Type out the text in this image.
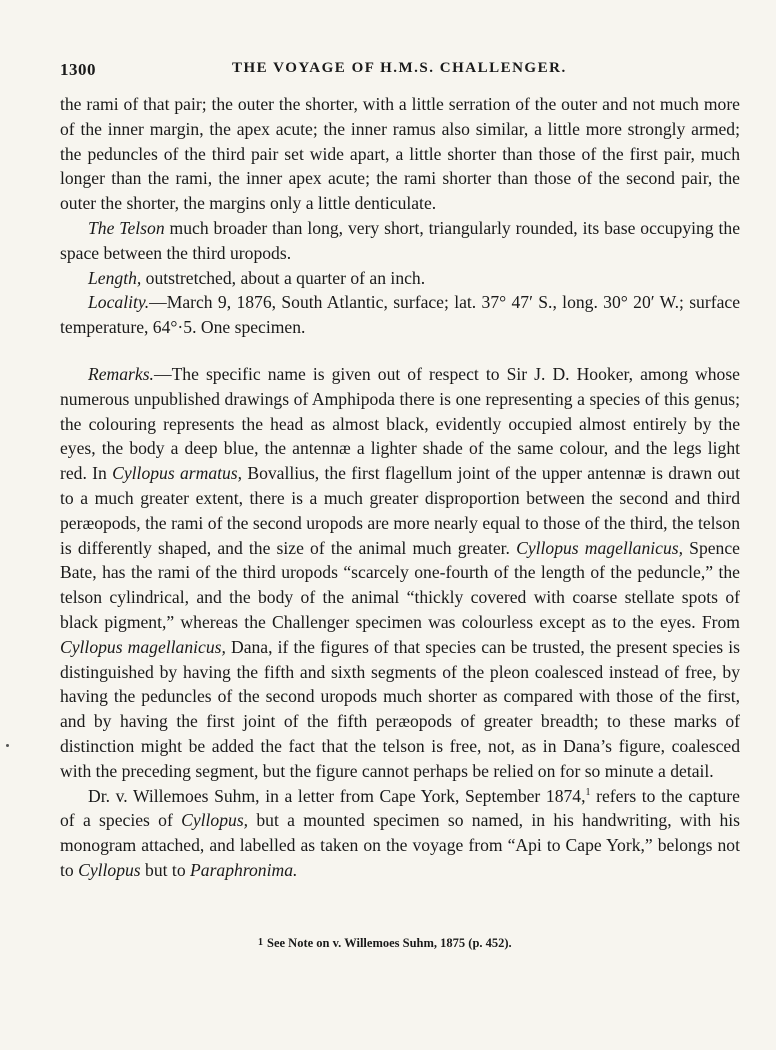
1300	THE VOYAGE OF H.M.S. CHALLENGER.

the rami of that pair; the outer the shorter, with a little serration of the outer and not much more of the inner margin, the apex acute; the inner ramus also similar, a little more strongly armed; the peduncles of the third pair set wide apart, a little shorter than those of the first pair, much longer than the rami, the inner apex acute; the rami shorter than those of the second pair, the outer the shorter, the margins only a little denticulate.

The Telson much broader than long, very short, triangularly rounded, its base occupying the space between the third uropods.

Length, outstretched, about a quarter of an inch.

Locality.—March 9, 1876, South Atlantic, surface; lat. 37° 47′ S., long. 30° 20′ W.; surface temperature, 64°·5. One specimen.

Remarks.—The specific name is given out of respect to Sir J. D. Hooker, among whose numerous unpublished drawings of Amphipoda there is one representing a species of this genus; the colouring represents the head as almost black, evidently occupied almost entirely by the eyes, the body a deep blue, the antennæ a lighter shade of the same colour, and the legs light red. In Cyllopus armatus, Bovallius, the first flagellum joint of the upper antennæ is drawn out to a much greater extent, there is a much greater disproportion between the second and third peræopods, the rami of the second uropods are more nearly equal to those of the third, the telson is differently shaped, and the size of the animal much greater. Cyllopus magellanicus, Spence Bate, has the rami of the third uropods “scarcely one-fourth of the length of the peduncle,” the telson cylindrical, and the body of the animal “thickly covered with coarse stellate spots of black pigment,” whereas the Challenger specimen was colourless except as to the eyes. From Cyllopus magellanicus, Dana, if the figures of that species can be trusted, the present species is distinguished by having the fifth and sixth segments of the pleon coalesced instead of free, by having the peduncles of the second uropods much shorter as compared with those of the first, and by having the first joint of the fifth peræopods of greater breadth; to these marks of distinction might be added the fact that the telson is free, not, as in Dana’s figure, coalesced with the preceding segment, but the figure cannot perhaps be relied on for so minute a detail.

Dr. v. Willemoes Suhm, in a letter from Cape York, September 1874,$^1$ refers to the capture of a species of Cyllopus, but a mounted specimen so named, in his handwriting, with his monogram attached, and labelled as taken on the voyage from “Api to Cape York,” belongs not to Cyllopus but to Paraphronima.

1 See Note on v. Willemoes Suhm, 1875 (p. 452).
